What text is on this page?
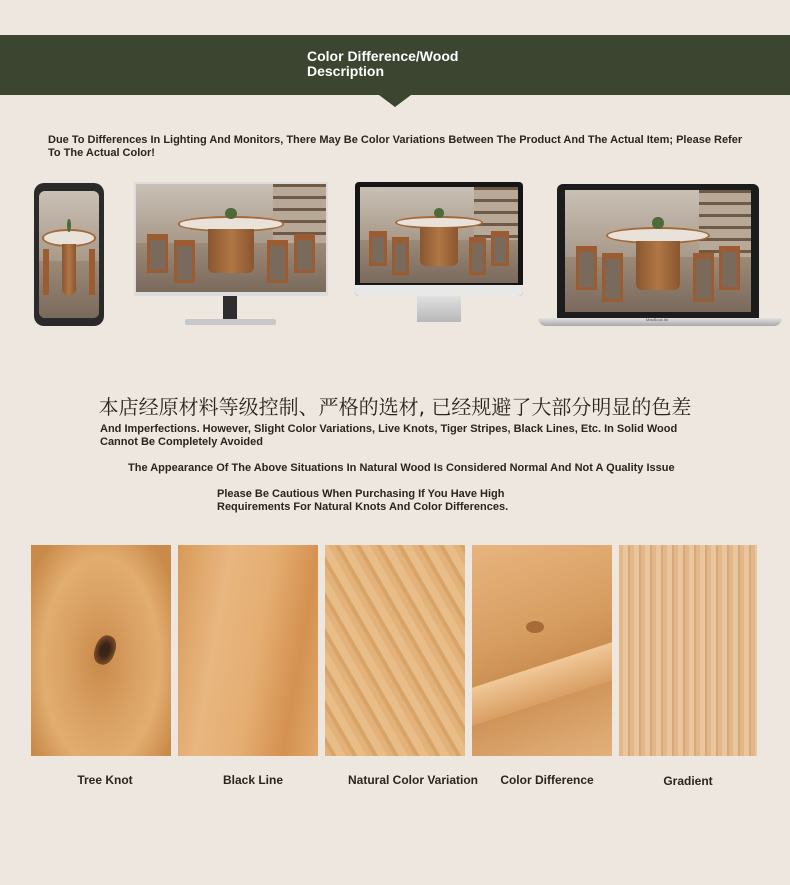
Color Difference/Wood Description
Due To Differences In Lighting And Monitors, There May Be Color Variations Between The Product And The Actual Item; Please Refer To The Actual Color!
MacBook Air
本店经原材料等级控制、严格的选材, 已经规避了大部分明显的色差
And Imperfections. However, Slight Color Variations, Live Knots, Tiger Stripes, Black Lines, Etc. In Solid Wood Cannot Be Completely Avoided
The Appearance Of The Above Situations In Natural Wood Is Considered Normal And Not A Quality Issue
Please Be Cautious When Purchasing If You Have High Requirements For Natural Knots And Color Differences.
Tree Knot	Black Line	Natural Color Variation	Color Difference	Gradient
